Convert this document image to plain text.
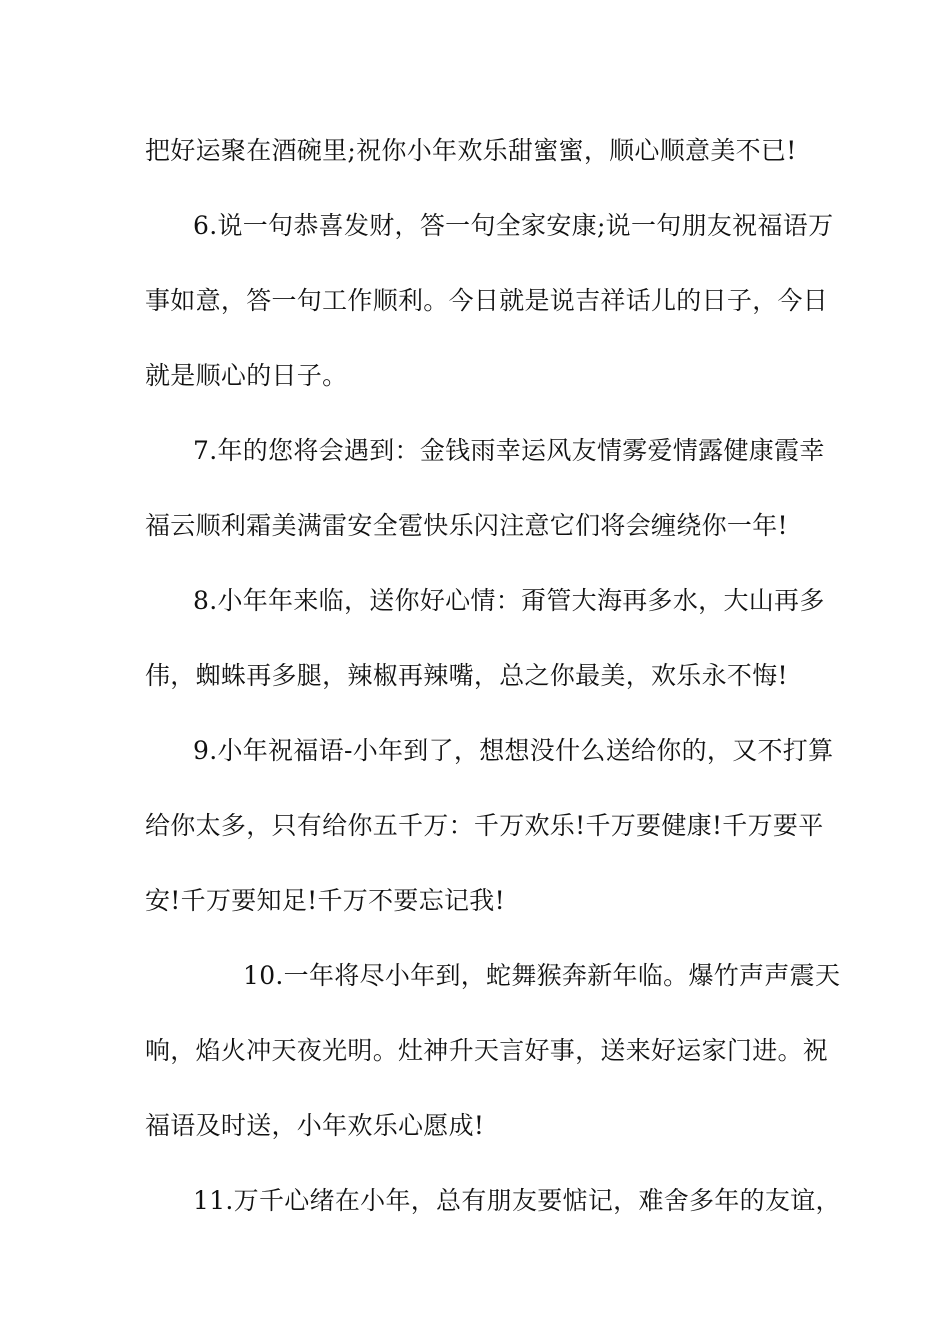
把好运聚在酒碗里;祝你小年欢乐甜蜜蜜，顺心顺意美不已!
6.说一句恭喜发财，答一句全家安康;说一句朋友祝福语万
事如意，答一句工作顺利。今日就是说吉祥话儿的日子，今日
就是顺心的日子。
7.年的您将会遇到：金钱雨幸运风友情雾爱情露健康霞幸
福云顺利霜美满雷安全雹快乐闪注意它们将会缠绕你一年!
8.小年年来临，送你好心情：甭管大海再多水，大山再多
伟，蜘蛛再多腿，辣椒再辣嘴，总之你最美，欢乐永不悔!
9.小年祝福语-小年到了，想想没什么送给你的，又不打算
给你太多，只有给你五千万：千万欢乐!千万要健康!千万要平
安!千万要知足!千万不要忘记我!
10.一年将尽小年到，蛇舞猴奔新年临。爆竹声声震天
响，焰火冲天夜光明。灶神升天言好事，送来好运家门进。祝
福语及时送，小年欢乐心愿成!
11.万千心绪在小年，总有朋友要惦记，难舍多年的友谊，
